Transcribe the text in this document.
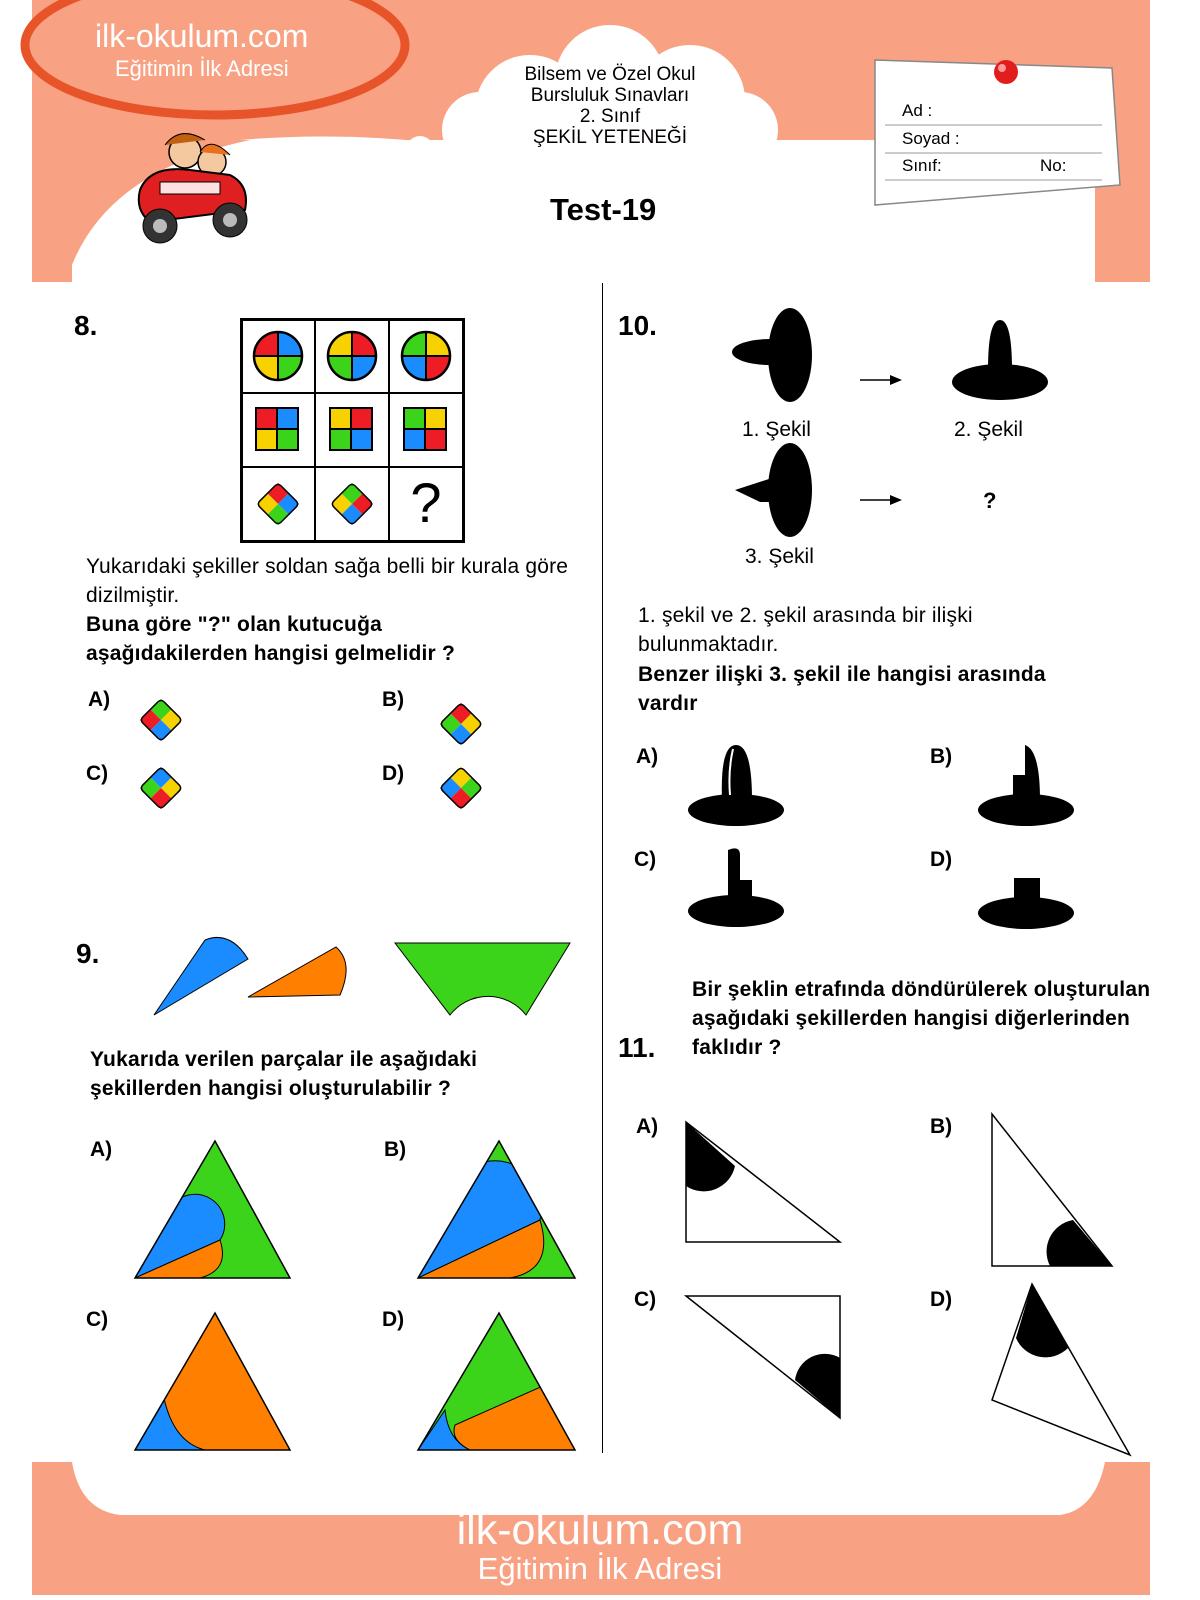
ilk-okulum.com
Eğitimin İlk Adresi	Bilsem ve Özel Okul
Bursluluk Sınavları
2. Sınıf
ŞEKİL YETENEĞİ
Test-19
Ad :
Soyad :
Sınıf:	No:
8.
?
Yukarıdaki şekiller soldan sağa belli bir kurala göre dizilmiştir.
Buna göre "?" olan kutucuğa aşağıdakilerden hangisi gelmelidir ?
A)	B)
C)	D)
9.
Yukarıda verilen parçalar ile aşağıdaki şekillerden hangisi oluşturulabilir ?
A)	B)
C)	D)
10.
?
1. Şekil	2. Şekil
3. Şekil
1. şekil ve 2. şekil arasında bir ilişki bulunmaktadır.
Benzer ilişki 3. şekil ile hangisi arasında vardır
A)	B)
C)	D)
11.
Bir şeklin etrafında döndürülerek oluşturulan aşağıdaki şekillerden hangisi diğerlerinden faklıdır ?
A)	B)
C)	D)
ilk-okulum.com
Eğitimin İlk Adresi
